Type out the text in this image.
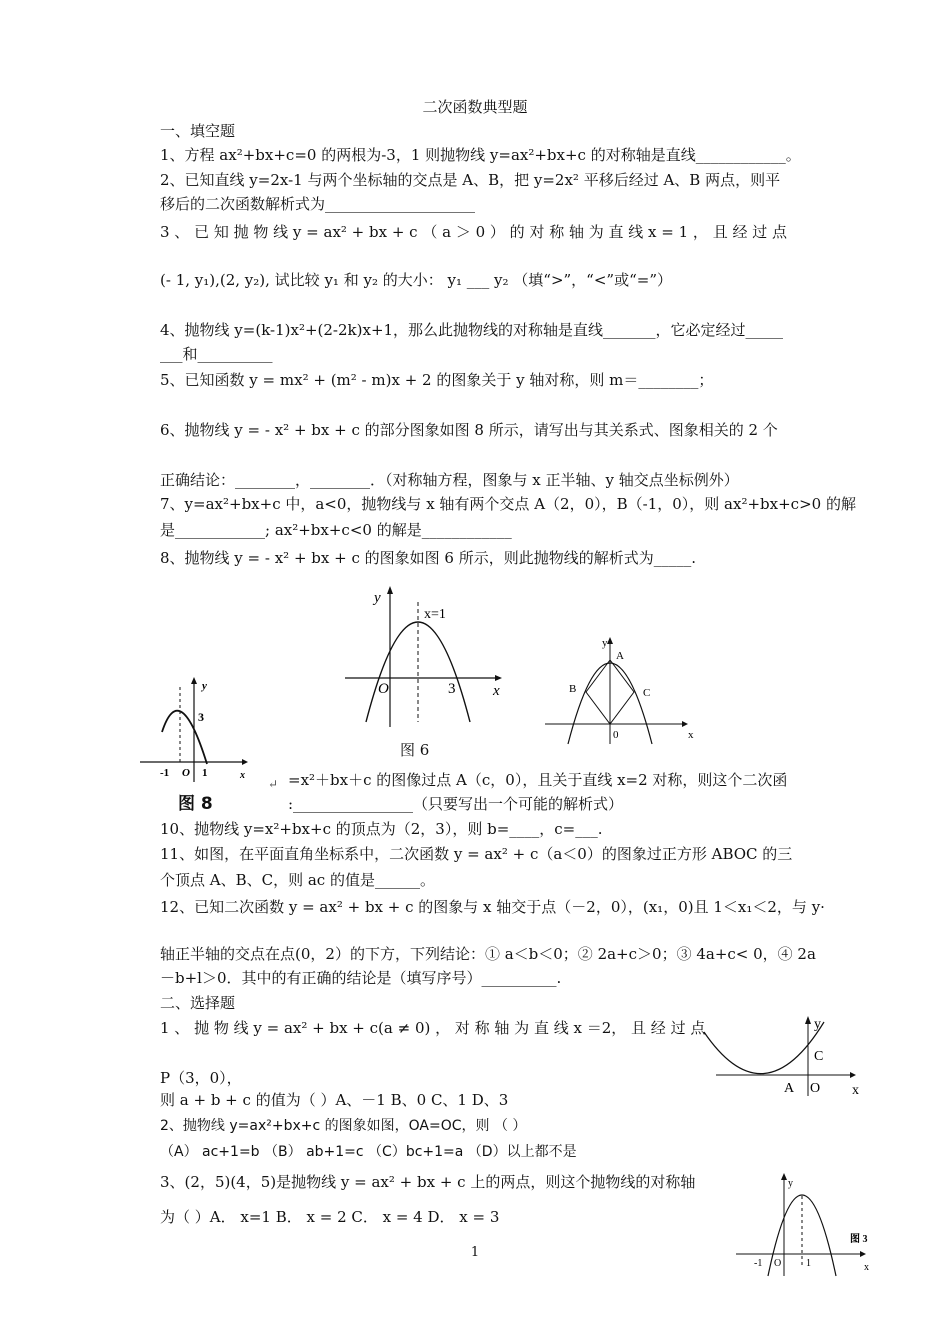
二次函数典型题
一、填空题
1、方程 ax²+bx+c=0 的两根为-3，1 则抛物线 y=ax²+bx+c 的对称轴是直线____________。
2、已知直线 y=2x-1 与两个坐标轴的交点是 A、B，把 y=2x² 平移后经过 A、B 两点，则平
移后的二次函数解析式为____________________
3 、 已 知 抛 物 线 y = ax² + bx + c （ a ＞ 0 ） 的 对 称 轴 为 直 线 x = 1 ， 且 经 过 点
(- 1, y₁),(2, y₂), 试比较 y₁ 和 y₂ 的大小： y₁ ___ y₂ （填“>”，“<”或“=”）
4、抛物线 y=(k-1)x²+(2-2k)x+1，那么此抛物线的对称轴是直线_______，它必定经过_____
___和__________
5、已知函数 y = mx² + (m² - m)x + 2 的图象关于 y 轴对称，则 m＝________；
6、抛物线 y = - x² + bx + c 的部分图象如图 8 所示，请写出与其关系式、图象相关的 2 个
正确结论：________，________．（对称轴方程，图象与 x 正半轴、y 轴交点坐标例外）
7、y=ax²+bx+c 中，a<0，抛物线与 x 轴有两个交点 A（2，0），B（-1，0），则 ax²+bx+c>0 的解
是____________; ax²+bx+c<0 的解是____________
8、抛物线 y = - x² + bx + c 的图象如图 6 所示，则此抛物线的解析式为_____.
y
x
3
-1 O 1
图 8
y
x=1
O	3	x
图 6
y
A
B	C
0	x
↵ =x²＋bx＋c 的图像过点 A（c，0），且关于直线 x=2 对称，则这个二次函
:________________（只要写出一个可能的解析式）
10、抛物线 y=x²+bx+c 的顶点为（2，3），则 b=____，c=___.
11、如图，在平面直角坐标系中，二次函数 y = ax² + c（a＜0）的图象过正方形 ABOC 的三
个顶点 A、B、C，则 ac 的值是______。
12、已知二次函数 y = ax² + bx + c 的图象与 x 轴交于点（－2，0），(x₁，0)且 1＜x₁＜2，与 y·
轴正半轴的交点在点(0，2）的下方，下列结论：① a＜b＜0；② 2a+c＞0；③ 4a+c< 0，④ 2a
－b+l＞0．其中的有正确的结论是（填写序号）__________.
二、选择题
1 、 抛 物 线 y = ax² + bx + c(a ≠ 0) ， 对 称 轴 为 直 线 x ＝2， 且 经 过 点
P（3，0），
则 a + b + c 的值为（ ）A、－1 B、0 C、1 D、3
y
C
A O x
2、抛物线 y=ax²+bx+c 的图象如图，OA=OC，则 （ ）
（A） ac+1=b （B） ab+1=c （C）bc+1=a （D）以上都不是
3、(2，5)(4，5)是抛物线 y = ax² + bx + c 上的两点，则这个抛物线的对称轴
为（ ）A． x=1 B． x = 2 C． x = 4 D． x = 3
y
图 3
-1 O 1	x
1
